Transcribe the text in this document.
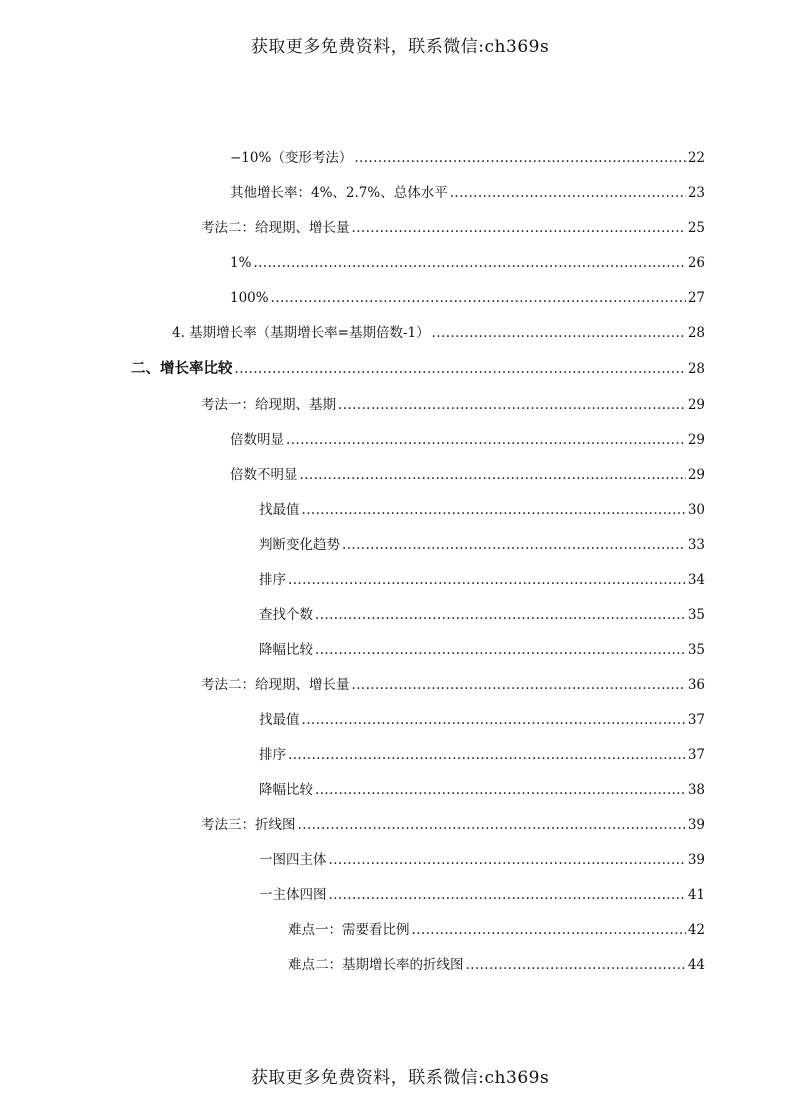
获取更多免费资料，联系微信:ch369s
−10%（变形考法） .....	22
其他增长率：4%、2.7%、总体水平 .....	23
考法二：给现期、增长量 .....	25
1% .....	26
100% .....	27
4. 基期增长率（基期增长率=基期倍数-1） .....	28
二、增长率比较 .....	28
考法一：给现期、基期 .....	29
倍数明显 .....	29
倍数不明显 .....	29
找最值 .....	30
判断变化趋势 .....	33
排序 .....	34
查找个数 .....	35
降幅比较 .....	35
考法二：给现期、增长量 .....	36
找最值 .....	37
排序 .....	37
降幅比较 .....	38
考法三：折线图 .....	39
一图四主体 .....	39
一主体四图 .....	41
难点一：需要看比例 .....	42
难点二：基期增长率的折线图 .....	44
获取更多免费资料，联系微信:ch369s
